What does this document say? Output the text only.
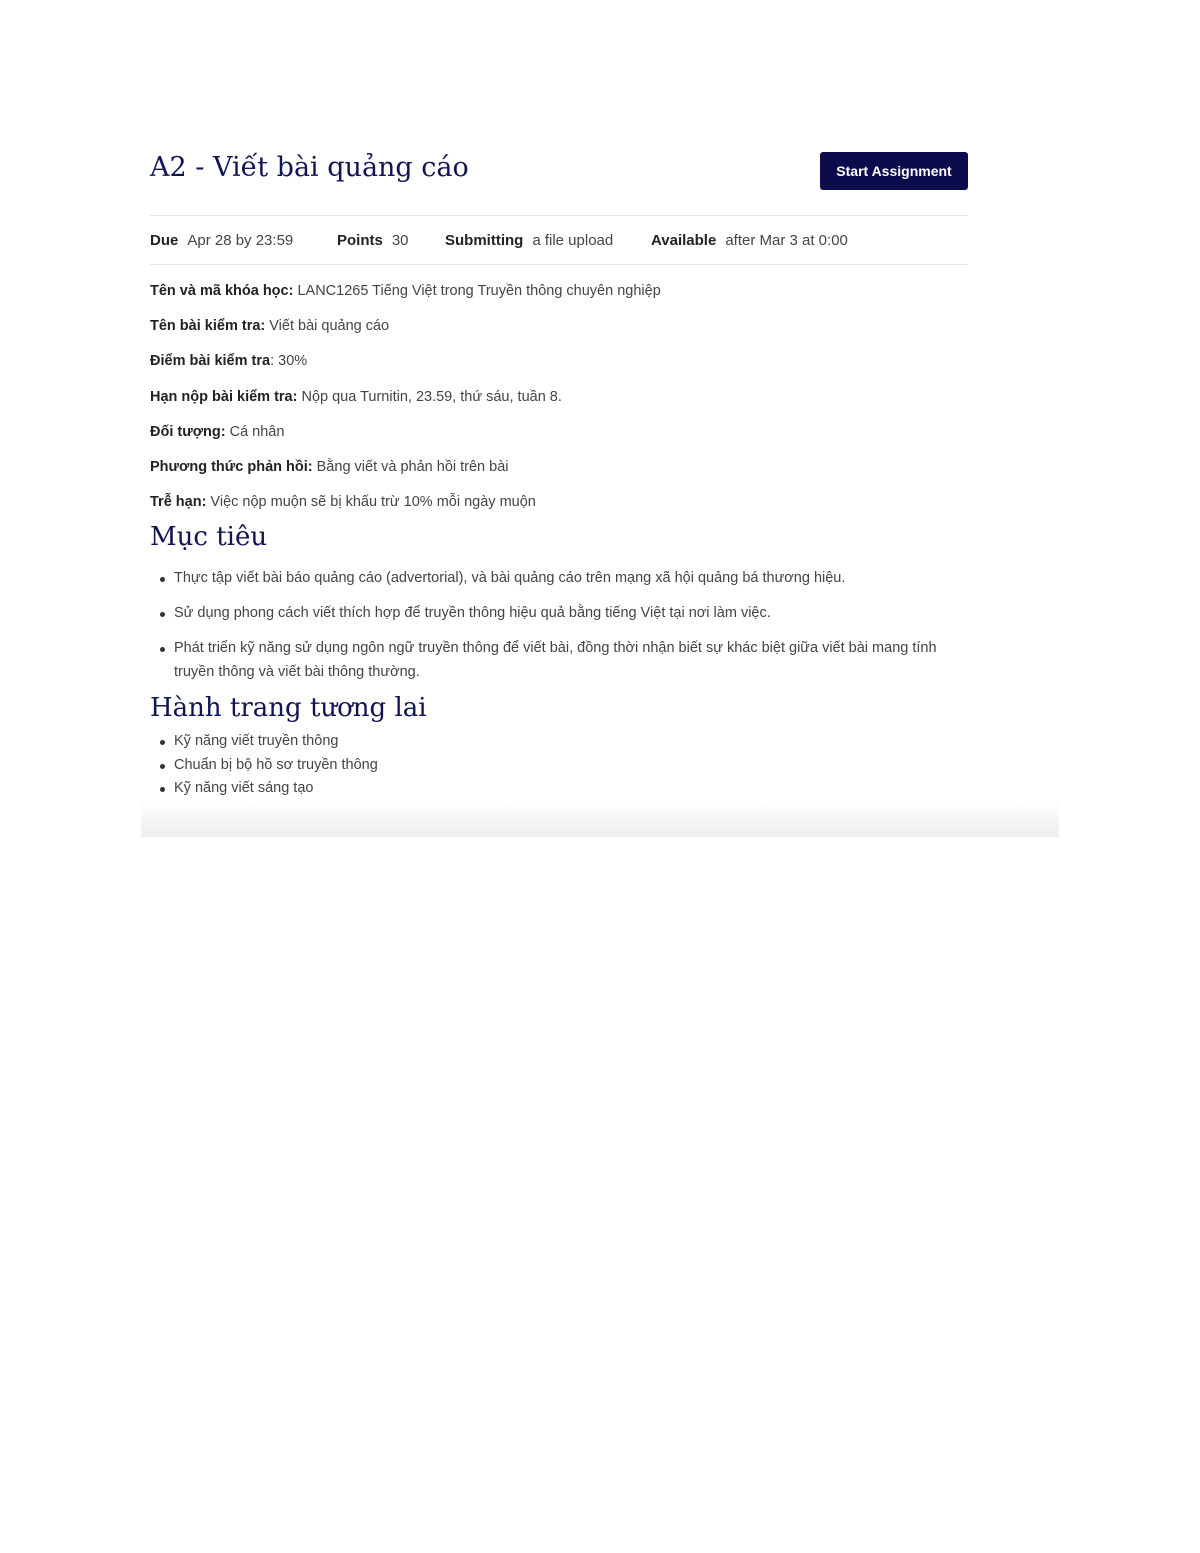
A2 - Viết bài quảng cáo	Start Assignment
Due Apr 28 by 23:59	Points 30 Submitting a file upload	Available after Mar 3 at 0:00

Tên và mã khóa học: LANC1265 Tiếng Việt trong Truyền thông chuyên nghiệp

Tên bài kiểm tra: Viết bài quảng cáo

Điểm bài kiểm tra: 30%

Hạn nộp bài kiểm tra: Nộp qua Turnitin, 23.59, thứ sáu, tuần 8.

Đối tượng: Cá nhân

Phương thức phản hồi: Bằng viết và phản hồi trên bài

Trễ hạn: Việc nộp muộn sẽ bị khấu trừ 10% mỗi ngày muộn

Mục tiêu
Thực tập viết bài báo quảng cáo (advertorial), và bài quảng cáo trên mạng xã hội quảng bá thương hiệu.
Sử dụng phong cách viết thích hợp để truyền thông hiệu quả bằng tiếng Việt tại nơi làm việc.
Phát triển kỹ năng sử dụng ngôn ngữ truyền thông để viết bài, đồng thời nhận biết sự khác biệt giữa viết bài mang tính truyền thông và viết bài thông thường.
Hành trang tương lai
Kỹ năng viết truyền thông
Chuẩn bị bộ hồ sơ truyền thông
Kỹ năng viết sáng tạo
